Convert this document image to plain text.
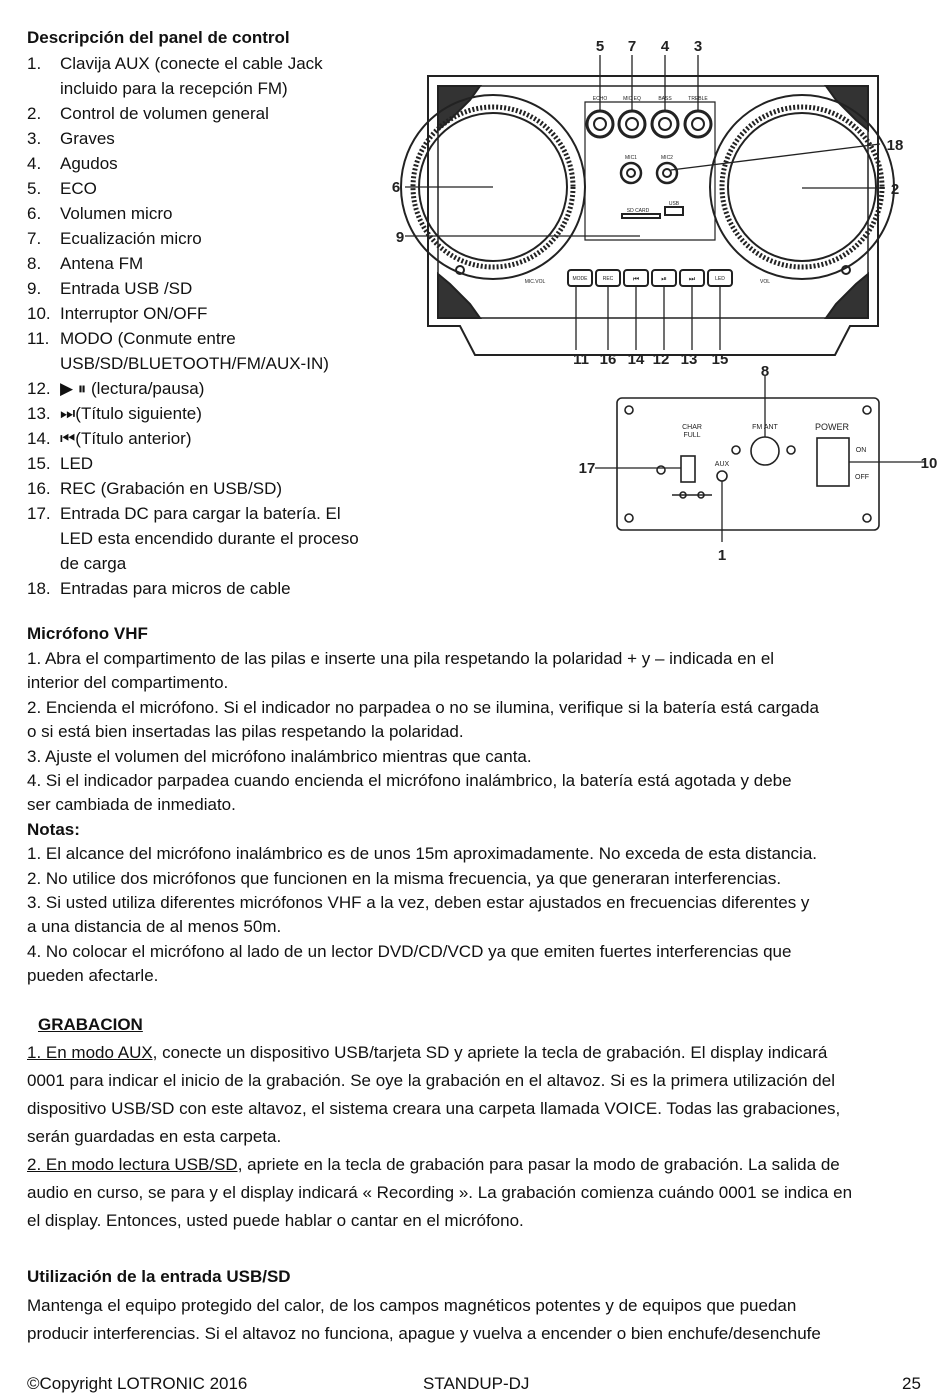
Descripción del panel de control
1. Clavija AUX (conecte el cable Jack incluido para la recepción FM)
2. Control de volumen general
3. Graves
4. Agudos
5. ECO
6. Volumen micro
7. Ecualización micro
8. Antena FM
9. Entrada USB /SD
10. Interruptor ON/OFF
11. MODO (Conmute entre USB/SD/BLUETOOTH/FM/AUX-IN)
12. ▶ ⏸ (lectura/pausa)
13. ⏭(Título siguiente)
14. ⏮(Título anterior)
15. LED
16. REC (Grabación en USB/SD)
17. Entrada DC para cargar la batería. El LED esta encendido durante el proceso de carga
18. Entradas para micros de cable
5 7 4 3
18
2
6
9
11 16 14 12 13 15
ECHO	MIC EQ	BASS	TREBLE
MIC1	MIC2
USB
SD CARD
MIC.VOL	VOL
MODE	REC	⏮	⏯	⏭	LED
8
17	10
1
CHAR
FULL
AUX
FM ANT	POWER
ON
OFF
Micrófono VHF

1. Abra el compartimento de las pilas e inserte una pila respetando la polaridad + y – indicada en el

interior del compartimento.

2. Encienda el micrófono. Si el indicador no parpadea o no se ilumina, verifique si la batería está cargada

o si está bien insertadas las pilas respetando la polaridad.

3. Ajuste el volumen del micrófono inalámbrico mientras que canta.

4. Si el indicador parpadea cuando encienda el micrófono inalámbrico, la batería está agotada y debe

ser cambiada de inmediato.

Notas:

1. El alcance del micrófono inalámbrico es de unos 15m aproximadamente. No exceda de esta distancia.

2. No utilice dos micrófonos que funcionen en la misma frecuencia, ya que generaran interferencias.

3. Si usted utiliza diferentes micrófonos VHF a la vez, deben estar ajustados en frecuencias diferentes y

a una distancia de al menos 50m.

4. No colocar el micrófono al lado de un lector DVD/CD/VCD ya que emiten fuertes interferencias que

pueden afectarle.

GRABACION

1. En modo AUX, conecte un dispositivo USB/tarjeta SD y apriete la tecla de grabación. El display indicará

0001 para indicar el inicio de la grabación. Se oye la grabación en el altavoz. Si es la primera utilización del

dispositivo USB/SD con este altavoz, el sistema creara una carpeta llamada VOICE. Todas las grabaciones,

serán guardadas en esta carpeta.

2. En modo lectura USB/SD, apriete en la tecla de grabación para pasar la modo de grabación. La salida de

audio en curso, se para y el display indicará « Recording ». La grabación comienza cuándo 0001 se indica en

el display. Entonces, usted puede hablar o cantar en el micrófono.

Utilización de la entrada USB/SD

Mantenga el equipo protegido del calor, de los campos magnéticos potentes y de equipos que puedan

producir interferencias. Si el altavoz no funciona, apague y vuelva a encender o bien enchufe/desenchufe

©Copyright LOTRONIC 2016	STANDUP-DJ	25
